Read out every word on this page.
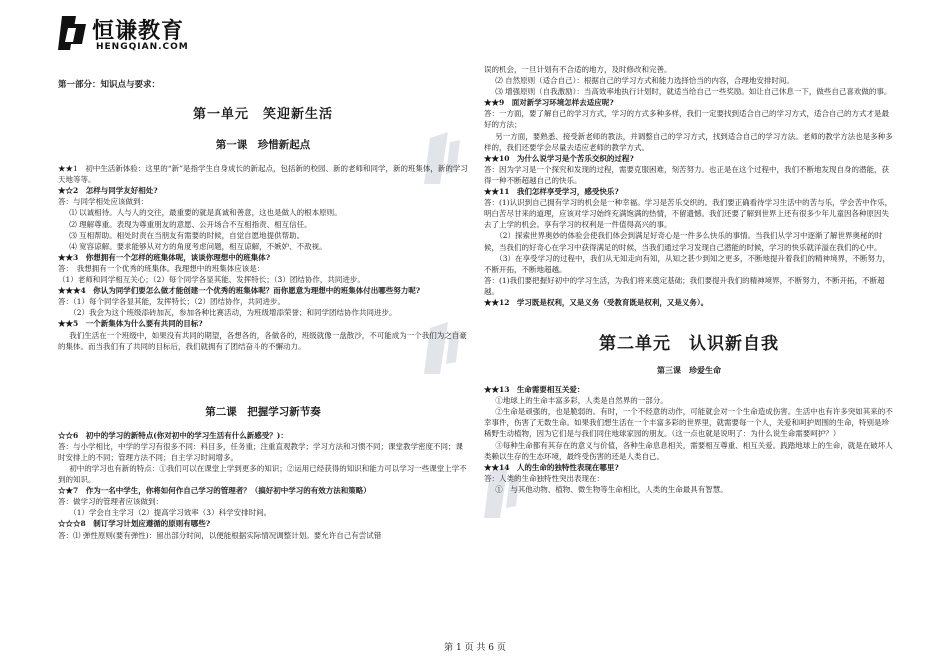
恒谦教育
HENGQIAN.COM

第一部分：知识点与要求：

第一单元　笑迎新生活

第一课　珍惜新起点

★★1　初中生活新体验：这里的“新”是指学生自身成长的新起点，包括新的校园、新的老师和同学，新的班集体，新的学习天地等等。

★☆2　怎样与同学友好相处?

答：与同学相处应该做到：

⑴ 以诚相待。人与人的交往，最重要的就是真诚和善意，这也是做人的根本原则。

⑵ 理解尊重。表现为尊重朋友的意愿、公开场合不互相指责、相互信任。

⑶ 互相帮助。相处时责在当朋友有需要的时候，自觉自愿地提供帮助。

⑷ 宽容谅解。要求能够从对方的角度考虑问题，相互谅解，不嫉妒、不敌视。

★★3　你想拥有一个怎样的班集体呢，谈谈你理想中的班集体?

答：　我想拥有一个优秀的班集体。我理想中的班集体应该是：

（1）老师和同学相互关心；（2）每个同学各显其能、发挥特长；（3）团结协作，共同进步。

★★★4　你认为同学们要怎么做才能创建一个优秀的班集体呢？而你愿意为理想中的班集体付出哪些努力呢?

答：（1）每个同学各显其能，发挥特长；（2）团结协作，共同进步。

（2）我会为这个班级添砖加瓦，参加各种比赛活动，为班级增添荣誉；和同学团结协作共同进步。

★★5　一个新集体为什么要有共同的目标?

我们生活在一个班级中，如果没有共同的期望，各想各的，各做各的，班级就像一盘散沙，不可能成为一个我们为之自豪的集体。而当我们有了共同的目标后，我们就拥有了团结奋斗的不懈动力。

第二课　把握学习新节奏

☆☆6　初中的学习的新特点(你对初中的学习生活有什么新感受？)：

答：与小学相比，中学的学习有很多不同：科目多，任务重；注重直观教学；学习方法和习惯不同；课堂教学密度不同；课时安排上的不同；管理方法不同；自主学习时间增多。

初中的学习也有新的特点：①我们可以在课堂上学到更多的知识；②运用已经获得的知识和能力可以学习一些课堂上学不到的知识。

☆★7　作为一名中学生，你将如何作自己学习的管理者？（搞好初中学习的有效方法和策略）

答：做学习的管理者应该做到：

（1）学会自主学习（2）提高学习效率（3）科学安排时间。

☆☆☆8　制订学习计划应遵循的原则有哪些?

答：⑴ 弹性原则(要有弹性)：留出部分时间，以便能根据实际情况调整计划。要允许自己有尝试错

误的机会，一旦计划有不合适的地方，及时修改和完善。

⑵ 自然原则（适合自己）：根据自己的学习方式和能力选择恰当的内容，合理地安排时间。

⑶ 增强原则（自我激励）：当高效率地执行计划时，就适当给自己一些奖励。如让自己休息一下，做些自己喜欢做的事。

★★9　面对新学习环境怎样去适应呢?

答：一方面，要了解自己的学习方式，学习的方式多种多样，我们一定要找到适合自己的学习方式，适合自己的方式才是最好的方法；

另一方面，要熟悉、接受新老师的教法，并调整自己的学习方式，找到适合自己的学习方法。老师的教学方法也是多种多样的，我们还要学会尽量去适应老师的教学方式。

★★10　为什么说学习是个苦乐交织的过程?

答：因为学习是一个探究和发现的过程，需要克服困难，刻苦努力。也正是在这个过程中，我们不断地发现自身的潜能，获得一种不断超越自己的快乐。

★★11　我们怎样享受学习，感受快乐?

答：(1)认识到自己拥有学习的机会是一种幸福。学习是苦乐交织的。我们要正确看待学习生活中的苦与乐，学会苦中作乐，明白苦尽甘来的道理，应该对学习始终充满饱满的热情，不留遗憾。我们还要了解到世界上还有很多少年儿童因各种原因失去了上学的机会。享有学习的权利是一件值得高兴的事。

（2）探索世界奥妙的体验会使我们体会到满足好奇心是一件多么快乐的事情。当我们从学习中逐渐了解世界奥秘的时候，当我们的好奇心在学习中获得满足的时候，当我们通过学习发现自己潜能的时候，学习的快乐就洋溢在我们的心中。

（3）在享受学习的过程中，我们从无知走向有知，从知之甚少到知之更多，不断地提升着我们的精神境界，不断努力，不断开拓，不断地超越。

答：(1)我们要把握好初中的学习生活，为我们将来奠定基础；我们要提升我们的精神境界，不断努力，不断开拓，不断超越。

★★12　学习既是权利，又是义务（受教育既是权利，又是义务）。

第二单元　认识新自我

第三课　珍爱生命

★★13　生命需要相互关爱：

①地球上的生命丰富多彩，人类是自然界的一部分。

②生命是顽强的，也是脆弱的。有时，一个不经意的动作，可能就会对一个生命造成伤害。生活中也有许多突如其来的不幸事件，伤害了无数生命。如果我们想生活在一个丰富多彩的世界里，就需要每一个人，关爱和呵护周围的生命，特别是珍稀野生动植物，因为它们是与我们同住地球家园的朋友。（这一点也就是说明了：为什么说生命需要呵护？）

③每种生命都有其存在的意义与价值，各种生命息息相关，需要相互尊重、相互关爱。践踏地球上的生命，就是在破坏人类赖以生存的生态环境，最终受伤害的还是人类自己。

★★14　人的生命的独特性表现在哪里?

答：人类的生命独特性突出表现在：

①　与其他动物、植物、微生物等生命相比，人类的生命最具有智慧。

第 1 页 共 6 页
